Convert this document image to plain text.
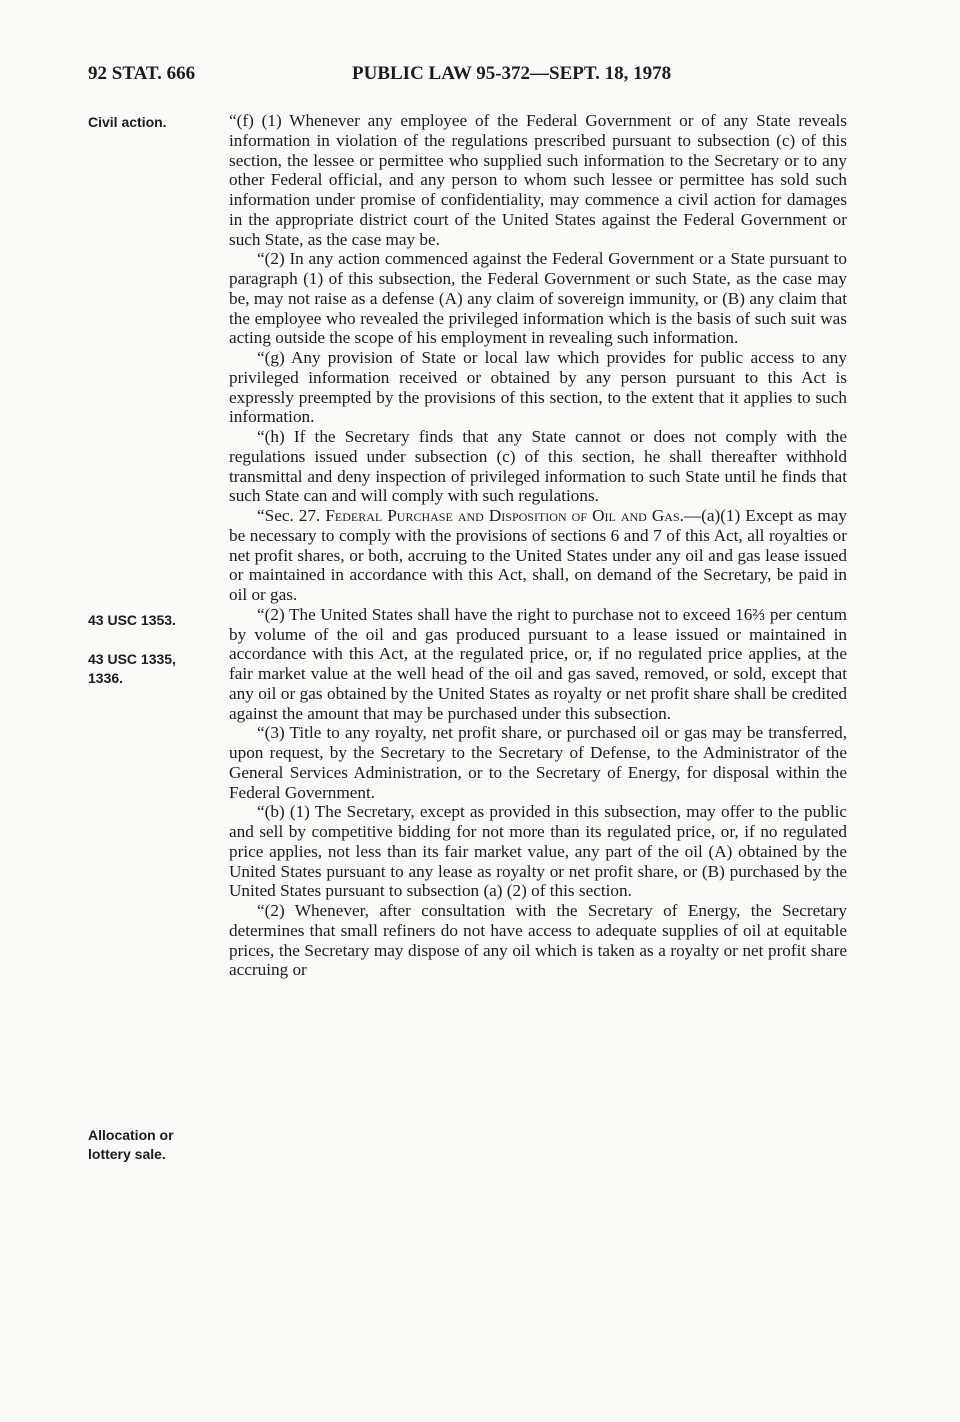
92 STAT. 666	PUBLIC LAW 95-372—SEPT. 18, 1978
Civil action.
43 USC 1353.
43 USC 1335, 1336.
Allocation or lottery sale.

“(f) (1) Whenever any employee of the Federal Government or of any State reveals information in violation of the regulations prescribed pursuant to subsection (c) of this section, the lessee or permittee who supplied such information to the Secretary or to any other Federal official, and any person to whom such lessee or permittee has sold such information under promise of confidentiality, may commence a civil action for damages in the appropriate district court of the United States against the Federal Government or such State, as the case may be.

“(2) In any action commenced against the Federal Government or a State pursuant to paragraph (1) of this subsection, the Federal Government or such State, as the case may be, may not raise as a defense (A) any claim of sovereign immunity, or (B) any claim that the employee who revealed the privileged information which is the basis of such suit was acting outside the scope of his employment in revealing such information.

“(g) Any provision of State or local law which provides for public access to any privileged information received or obtained by any person pursuant to this Act is expressly preempted by the provisions of this section, to the extent that it applies to such information.

“(h) If the Secretary finds that any State cannot or does not comply with the regulations issued under subsection (c) of this section, he shall thereafter withhold transmittal and deny inspection of privileged information to such State until he finds that such State can and will comply with such regulations.

“Sec. 27. Federal Purchase and Disposition of Oil and Gas.—(a)(1) Except as may be necessary to comply with the provisions of sections 6 and 7 of this Act, all royalties or net profit shares, or both, accruing to the United States under any oil and gas lease issued or maintained in accordance with this Act, shall, on demand of the Secretary, be paid in oil or gas.

“(2) The United States shall have the right to purchase not to exceed 16⅔ per centum by volume of the oil and gas produced pursuant to a lease issued or maintained in accordance with this Act, at the regulated price, or, if no regulated price applies, at the fair market value at the well head of the oil and gas saved, removed, or sold, except that any oil or gas obtained by the United States as royalty or net profit share shall be credited against the amount that may be purchased under this subsection.

“(3) Title to any royalty, net profit share, or purchased oil or gas may be transferred, upon request, by the Secretary to the Secretary of Defense, to the Administrator of the General Services Administration, or to the Secretary of Energy, for disposal within the Federal Government.

“(b) (1) The Secretary, except as provided in this subsection, may offer to the public and sell by competitive bidding for not more than its regulated price, or, if no regulated price applies, not less than its fair market value, any part of the oil (A) obtained by the United States pursuant to any lease as royalty or net profit share, or (B) purchased by the United States pursuant to subsection (a) (2) of this section.

“(2) Whenever, after consultation with the Secretary of Energy, the Secretary determines that small refiners do not have access to adequate supplies of oil at equitable prices, the Secretary may dispose of any oil which is taken as a royalty or net profit share accruing or
